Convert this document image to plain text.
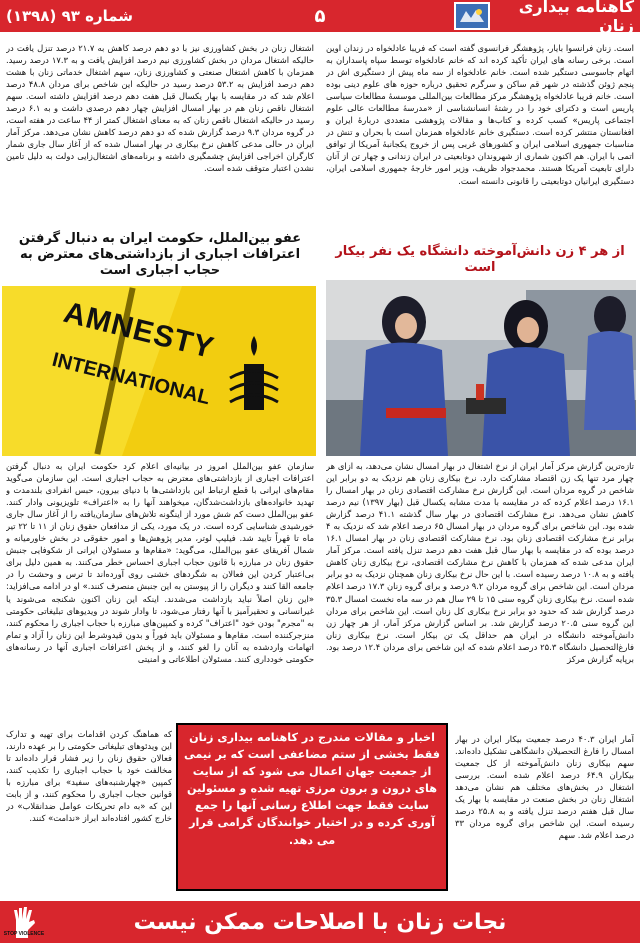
کاهنامه بیداری زنان
۵
شماره ۹۳ (۱۳۹۸)
است. زنان فرانسوا بایار، پژوهشگر فرانسوی گفته است که فریبا عادلخواه در زندان اوین است. برخی رسانه های ایران تأکید کرده اند که خانم عادلخواه توسط سپاه پاسداران به اتهام جاسوسی دستگیر شده است. خانم عادلخواه از سه ماه پیش از دستگیری اش در پنجم ژوئن گذشته در شهر قم ساکن و سرگرم تحقیق درباره حوزه های علوم دینی بوده است. خانم فریبا عادلخواه پژوهشگر مرکز مطالعات بین‌المللی موسسهٔ مطالعات سیاسی پاریس است و دکترای خود را در رشتهٔ انسانشناسی از «مدرسهٔ مطالعات عالی علوم اجتماعی پاریس» کسب کرده و کتاب‌ها و مقالات پژوهشی متعددی دربارهٔ ایران و افغانستان منتشر کرده است. دستگیری خانم عادلخواه همزمان است با بحران و تنش در مناسبات جمهوری اسلامی ایران و کشورهای غربی پس از خروج یکجانبهٔ آمریکا از توافق اتمی با ایران. هم اکنون شماری از شهروندان دوتابعیتی در ایران زندانی و چهار تن از آنان دارای تابعیت آمریکا هستند. محمدجواد ظریف، وزیر امور خارجهٔ جمهوری اسلامی ایران، دستگیری ایرانیان دوتابعیتی را قانونی دانسته است.
از هر ۴ زن دانش‌آموخته دانشگاه یک نفر بیکار است
تازه‌ترین گزارش مرکز آمار ایران از نرخ اشتغال در بهار امسال نشان می‌دهد، به ازای هر چهار مرد تنها یک زن اقتصاد مشارکت دارد. نرخ بیکاری زنان هم نزدیک به دو برابر این شاخص در گروه مردان است. این گزارش نرخ مشارکت اقتصادی زنان در بهار امسال را ۱۶.۱ درصد اعلام کرده که در مقایسه با مدت مشابه یکسال قبل (بهار ۱۳۹۷) نیم درصد کاهش نشان می‌دهد. نرخ مشارکت اقتصادی در بهار سال گذشته ۴۱.۱ درصد گزارش شده بود. این شاخص برای گروه مردان در بهار امسال ۶۵ درصد اعلام شد که نزدیک به ۴ برابر نرخ مشارکت اقتصادی زنان بود. نرخ مشارکت اقتصادی زنان در بهار امسال ۱۶.۱ درصد بوده که در مقایسه با بهار سال قبل هفت دهم درصد تنزل یافته است. مرکز آمار ایران مدعی شده که همزمان با کاهش نرخ مشارکت اقتصادی، نرخ بیکاری زنان کاهش یافته و به ۱۰.۸ درصد رسیده است. با این حال نرخ بیکاری زنان همچنان نزدیک به دو برابر مردان است. این شاخص برای گروه مردان ۹.۲ درصد و برای گروه زنان ۱۷.۳ درصد اعلام شده است. نرخ بیکاری زنان گروه سنی ۱۵ تا ۲۹ سال هم در سه ماه نخست امسال ۳۵.۳ درصد گزارش شد که حدود دو برابر نرخ بیکاری کل زنان است. این شاخص برای مردان این گروه سنی ۲۰.۵ درصد گزارش شد. بر اساس گزارش مرکز آمار، از هر چهار زن دانش‌آموخته دانشگاه در ایران هم حداقل یک تن بیکار است. نرخ بیکاری زنان فارغ‌التحصیل دانشگاه ۲۵.۳ درصد اعلام شده که این شاخص برای مردان ۱۲.۴ درصد بود. برپایه گزارش مرکز
آمار ایران ۴۰.۳ درصد جمعیت بیکار ایران در بهار امسال را فارغ التحصیلان دانشگاهی تشکیل داده‌اند. سهم بیکاری زنان دانش‌آموخته از کل جمعیت بیکاران ۶۴.۹ درصد اعلام شده است. بررسی اشتغال در بخش‌های مختلف هم نشان می‌دهد اشتغال زنان در بخش صنعت در مقایسه با بهار یک سال قبل هفتم درصد تنزل یافته و به ۲۵.۸ درصد رسیده است. این شاخص برای گروه مردان ۳۳ درصد اعلام شد. سهم
اشتغال زنان در بخش کشاورزی نیز با دو دهم درصد کاهش به ۲۱.۷ درصد تنزل یافت در حالیکه اشتغال مردان در بخش کشاورزی نیم درصد افزایش یافت و به ۱۷.۳ درصد رسید. همزمان با کاهش اشتغال صنعتی و کشاورزی زنان، سهم اشتغال خدماتی زنان با هشت دهم درصد افزایش به ۵۳.۲ درصد رسید در حالیکه این شاخص برای مردان ۴۸.۸ درصد اعلام شد که در مقایسه با بهار یکسال قبل هفت دهم درصد افزایش داشته است. سهم اشتغال ناقص زنان هم در بهار امسال افزایش چهار دهم درصدی داشت و به ۶.۱ درصد رسید در حالیکه اشتغال ناقص زنان که به معنای اشتغال کمتر از ۴۴ ساعت در هفته است، در گروه مردان ۹.۳ درصد گزارش شده که دو دهم درصد کاهش نشان می‌دهد. مرکز آمار ایران در حالی مدعی کاهش نرخ بیکاری در بهار امسال شده که از آغاز سال جاری شمار کارگران اخراجی افزایش چشمگیری داشته و برنامه‌های اشتغال‌زایی دولت به دلیل تامین نشدن اعتبار متوقف شده است.
عفو بین‌الملل، حکومت ایران به دنبال گرفتن اعترافات اجباری از بازداشتی‌های معترض به حجاب اجباری است
AMNESTY
INTERNATIONAL
سازمان عفو بین‌الملل امروز در بیانیه‌ای اعلام کرد حکومت ایران به دنبال گرفتن اعترافات اجباری از بازداشتی‌های معترض به حجاب اجباری است. این سازمان می‌گوید مقام‌های ایرانی با قطع ارتباط این بازداشتی‌ها با دنیای بیرون، حبس انفرادی بلندمدت و تهدید خانواده‌های بازداشت‌شدگان، میخواهند آنها را به «اعتراف» تلویزیونی وادار کنند. عفو بین‌الملل دست کم شش مورد از اینگونه تلاش‌های سازمان‌یافته را از آغاز سال جاری خورشیدی شناسایی کرده است. در یک مورد، یکی از مدافعان حقوق زنان از ۱۱ تا ۲۲ تیر ماه تا قهراً تایید شد. فیلیپ لوتر، مدیر پژوهش‌ها و امور حقوقی در بخش خاورمیانه و شمال آفریقای عفو بین‌الملل، می‌گوید: «مقام‌ها و مسئولان ایرانی از شکوفایی جنبش حقوق زنان در مبارزه با قانون حجاب اجباری احساس خطر می‌کنند. به همین دلیل برای بی‌اعتبار کردن این فعالان به شگردهای خشنی روی آورده‌اند تا ترس و وحشت را در جامعه القا کنند و دیگران را از پیوستن به این جنبش منصرف کنند.» او در ادامه می‌افزاید: «این زنان اصلاً نباید بازداشت می‌شدند. اینکه این زنان اکنون شکنجه می‌شوند یا غیرانسانی و تحقیرآمیز با آنها رفتار می‌شود، تا وادار شوند در ویدیوهای تبلیغاتی حکومتی به "مجرم" بودن خود "اعتراف" کرده و کمپین‌های مبارزه با حجاب اجباری را محکوم کنند، منزجرکننده است. مقام‌ها و مسئولان باید فوراً و بدون قیدوشرط این زنان را آزاد و تمام اتهامات واردشده به آنان را لغو کنند، و از پخش اعترافات اجباری آنها در رسانه‌های حکومتی خودداری کنند. مسئولان اطلاعاتی و امنیتی
که هماهنگ کردن اقدامات برای تهیه و تدارک این ویدئوهای تبلیغاتی حکومتی را بر عهده دارند، فعالان حقوق زنان را زیر فشار قرار داده‌اند تا مخالفت خود با حجاب اجباری را تکذیب کنند، کمپین «چهارشنبه‌های سفید» برای مبارزه با قوانین حجاب اجباری را محکوم کنند، و از بابت این که «به دام تحریکات عوامل ضدانقلاب» در خارج کشور افتاده‌اند ابراز «ندامت» کنند.
اخبار و مقالات مندرج در کاهنامه بیداری زنان فقط بخشی از ستم مضاعفی است که بر نیمی از جمعیت جهان اعمال می شود که از سایت های درون و برون مرزی تهیه شده و مسئولین سایت فقط جهت اطلاع رسانی آنها را جمع آوری کرده و در اختیار خوانندگان گرامی قرار می دهد.
نجات زنان با اصلاحات ممکن نیست
STOP VIOLENCE
